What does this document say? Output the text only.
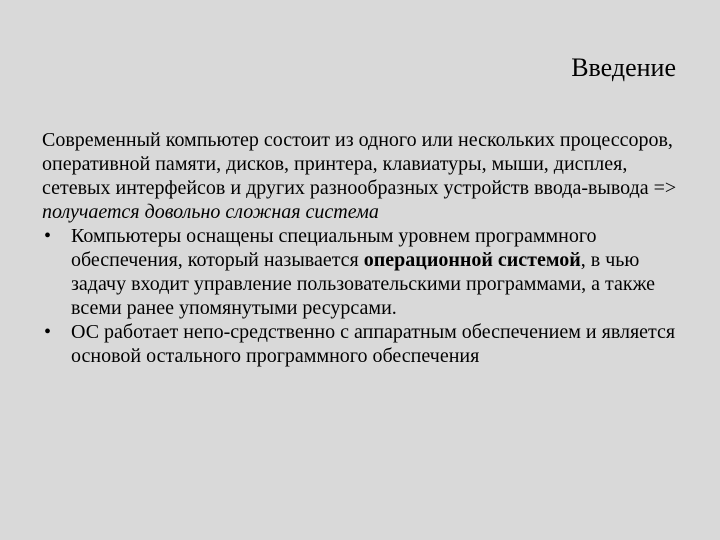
Введение

Современный компьютер состоит из одного или нескольких процессоров, оперативной памяти, дисков, принтера, клавиатуры, мыши, дисплея, сетевых интерфейсов и других разнообразных устройств ввода-вывода => получается довольно сложная система

• Компьютеры оснащены специальным уровнем программного обеспечения, который называется операционной системой, в чью задачу входит управление пользовательскими программами, а также всеми ранее упомянутыми ресурсами.
• ОС работает непо-средственно с аппаратным обеспечением и является основой остального программного обеспечения
